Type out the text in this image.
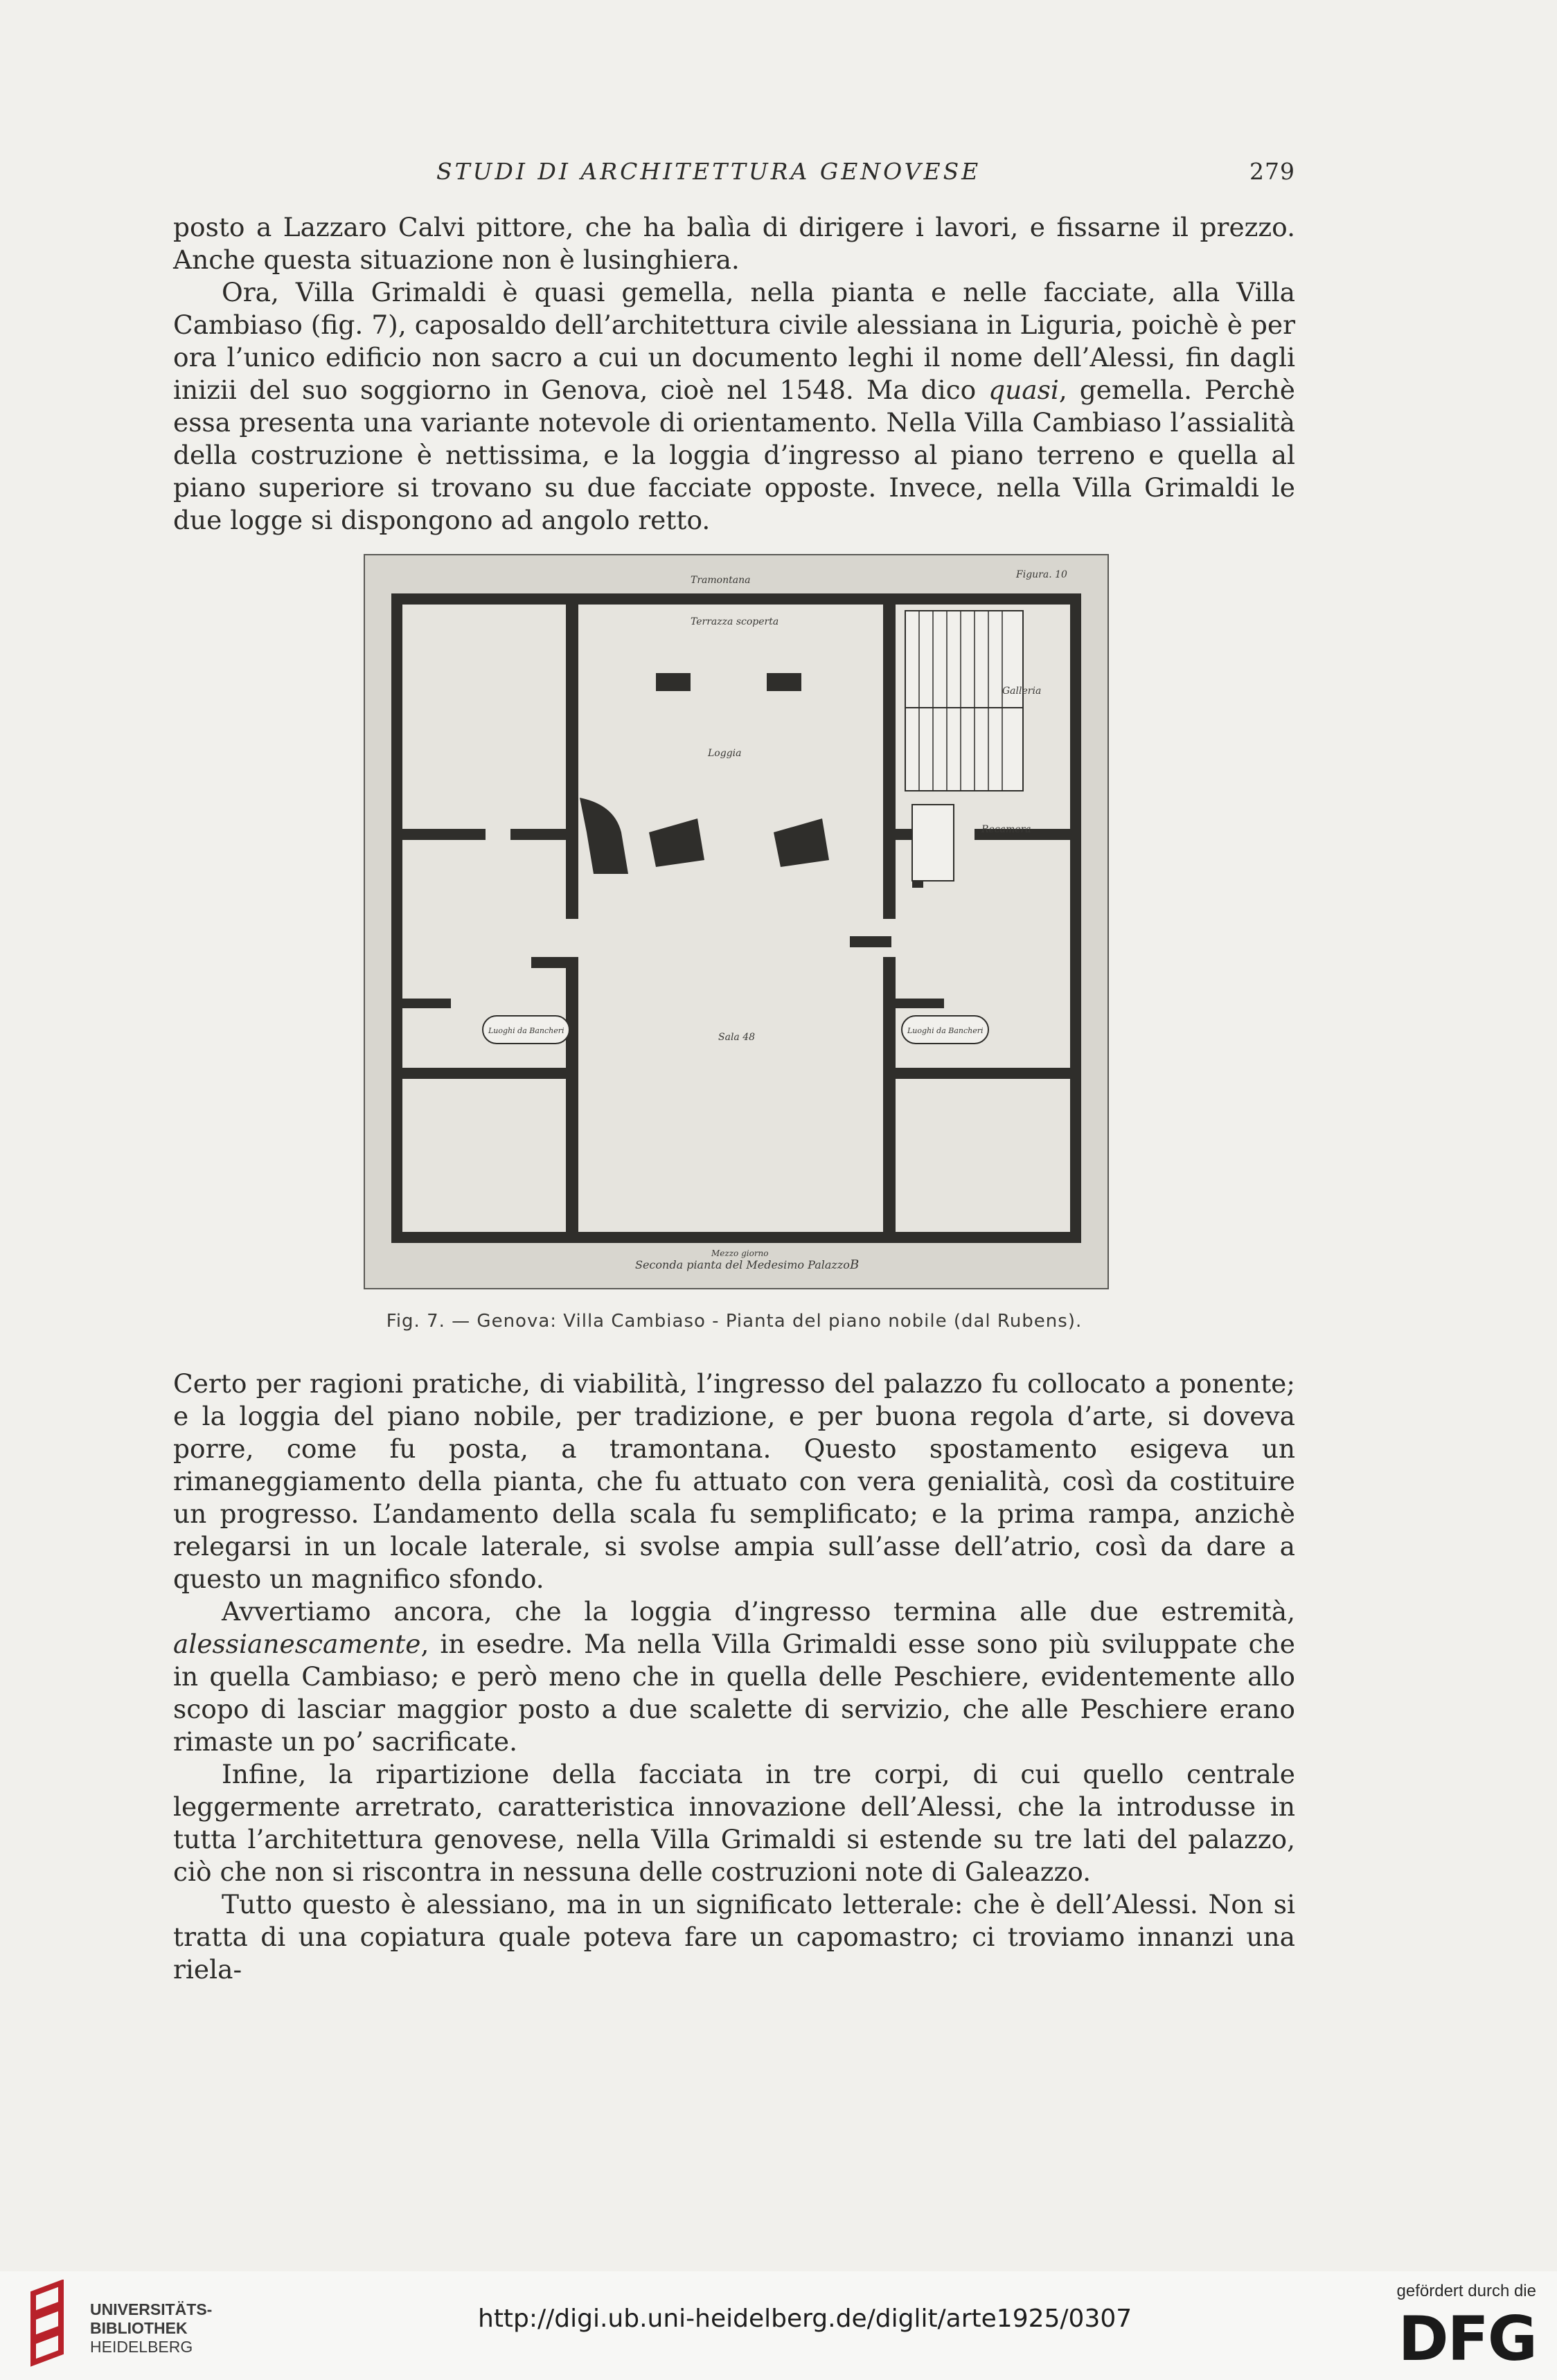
STUDI DI ARCHITETTURA GENOVESE	279

posto a Lazzaro Calvi pittore, che ha balìa di dirigere i lavori, e fissarne il prezzo. Anche questa situazione non è lusinghiera.

Ora, Villa Grimaldi è quasi gemella, nella pianta e nelle facciate, alla Villa Cambiaso (fig. 7), caposaldo dell’architettura civile alessiana in Liguria, poichè è per ora l’unico edificio non sacro a cui un documento leghi il nome dell’Alessi, fin dagli inizii del suo soggiorno in Genova, cioè nel 1548. Ma dico quasi, gemella. Perchè essa presenta una variante notevole di orientamento. Nella Villa Cambiaso l’assialità della costruzione è nettissima, e la loggia d’ingresso al piano terreno e quella al piano superiore si trovano su due facciate opposte. Invece, nella Villa Grimaldi le due logge si dispongono ad angolo retto.

Tramontana	Figura. 10
Terrazza scoperta
Loggia
Galleria
Recamera
Sala 48
Luoghi da Bancheri	Luoghi da Bancheri
Mezzo giorno
Seconda pianta del Medesimo Palazzo B
Fig. 7. — Genova: Villa Cambiaso - Pianta del piano nobile (dal Rubens).

Certo per ragioni pratiche, di viabilità, l’ingresso del palazzo fu collocato a ponente; e la loggia del piano nobile, per tradizione, e per buona regola d’arte, si doveva porre, come fu posta, a tramontana. Questo spostamento esigeva un rimaneggiamento della pianta, che fu attuato con vera genialità, così da costituire un progresso. L’andamento della scala fu semplificato; e la prima rampa, anzichè relegarsi in un locale laterale, si svolse ampia sull’asse dell’atrio, così da dare a questo un magnifico sfondo.

Avvertiamo ancora, che la loggia d’ingresso termina alle due estremità, alessianescamente, in esedre. Ma nella Villa Grimaldi esse sono più sviluppate che in quella Cambiaso; e però meno che in quella delle Peschiere, evidentemente allo scopo di lasciar maggior posto a due scalette di servizio, che alle Peschiere erano rimaste un po’ sacrificate.

Infine, la ripartizione della facciata in tre corpi, di cui quello centrale leggermente arretrato, caratteristica innovazione dell’Alessi, che la introdusse in tutta l’architettura genovese, nella Villa Grimaldi si estende su tre lati del palazzo, ciò che non si riscontra in nessuna delle costruzioni note di Galeazzo.

Tutto questo è alessiano, ma in un significato letterale: che è dell’Alessi. Non si tratta di una copiatura quale poteva fare un capomastro; ci troviamo innanzi una riela-

UNIVERSITÄTS-
BIBLIOTHEK
HEIDELBERG
http://digi.ub.uni-heidelberg.de/diglit/arte1925/0307
gefördert durch die
DFG
